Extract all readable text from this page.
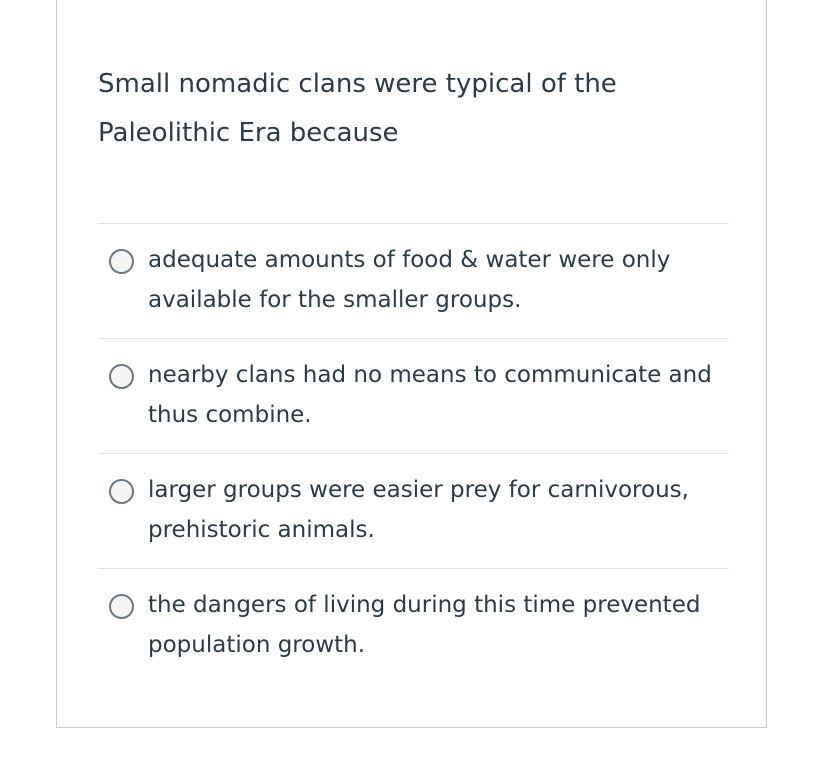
Small nomadic clans were typical of the Paleolithic Era because

adequate amounts of food & water were only available for the smaller groups.
nearby clans had no means to communicate and thus combine.
larger groups were easier prey for carnivorous, prehistoric animals.
the dangers of living during this time prevented population growth.
